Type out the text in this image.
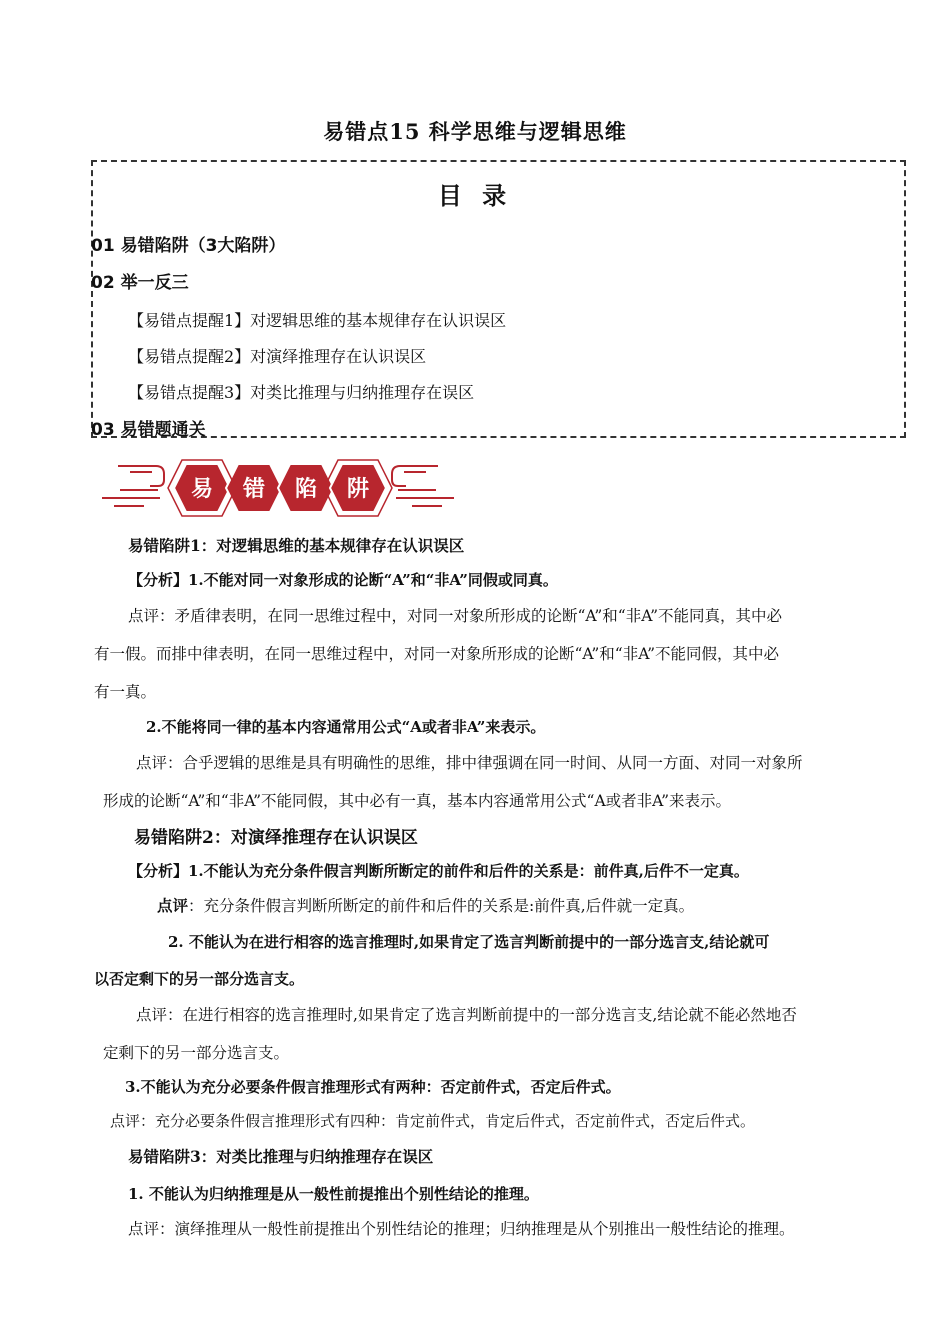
易错点15 科学思维与逻辑思维
目 录
01 易错陷阱（3大陷阱）
02 举一反三
【易错点提醒1】对逻辑思维的基本规律存在认识误区
【易错点提醒2】对演绎推理存在认识误区
【易错点提醒3】对类比推理与归纳推理存在误区
03 易错题通关
易 错 陷 阱
易错陷阱1：对逻辑思维的基本规律存在认识误区
【分析】1.不能对同一对象形成的论断“A”和“非A”同假或同真。
点评：矛盾律表明，在同一思维过程中，对同一对象所形成的论断“A”和“非A”不能同真，其中必
有一假。而排中律表明，在同一思维过程中，对同一对象所形成的论断“A”和“非A”不能同假，其中必
有一真。
2.不能将同一律的基本内容通常用公式“A或者非A”来表示。
点评：合乎逻辑的思维是具有明确性的思维，排中律强调在同一时间、从同一方面、对同一对象所
形成的论断“A”和“非A”不能同假，其中必有一真，基本内容通常用公式“A或者非A”来表示。
易错陷阱2：对演绎推理存在认识误区
【分析】1.不能认为充分条件假言判断所断定的前件和后件的关系是：前件真,后件不一定真。
点评：充分条件假言判断所断定的前件和后件的关系是:前件真,后件就一定真。
2. 不能认为在进行相容的选言推理时,如果肯定了选言判断前提中的一部分选言支,结论就可
以否定剩下的另一部分选言支。
点评：在进行相容的选言推理时,如果肯定了选言判断前提中的一部分选言支,结论就不能必然地否
定剩下的另一部分选言支。
3.不能认为充分必要条件假言推理形式有两种：否定前件式，否定后件式。
点评：充分必要条件假言推理形式有四种：肯定前件式，肯定后件式，否定前件式，否定后件式。
易错陷阱3：对类比推理与归纳推理存在误区
1. 不能认为归纳推理是从一般性前提推出个别性结论的推理。
点评：演绎推理从一般性前提推出个别性结论的推理；归纳推理是从个别推出一般性结论的推理。
